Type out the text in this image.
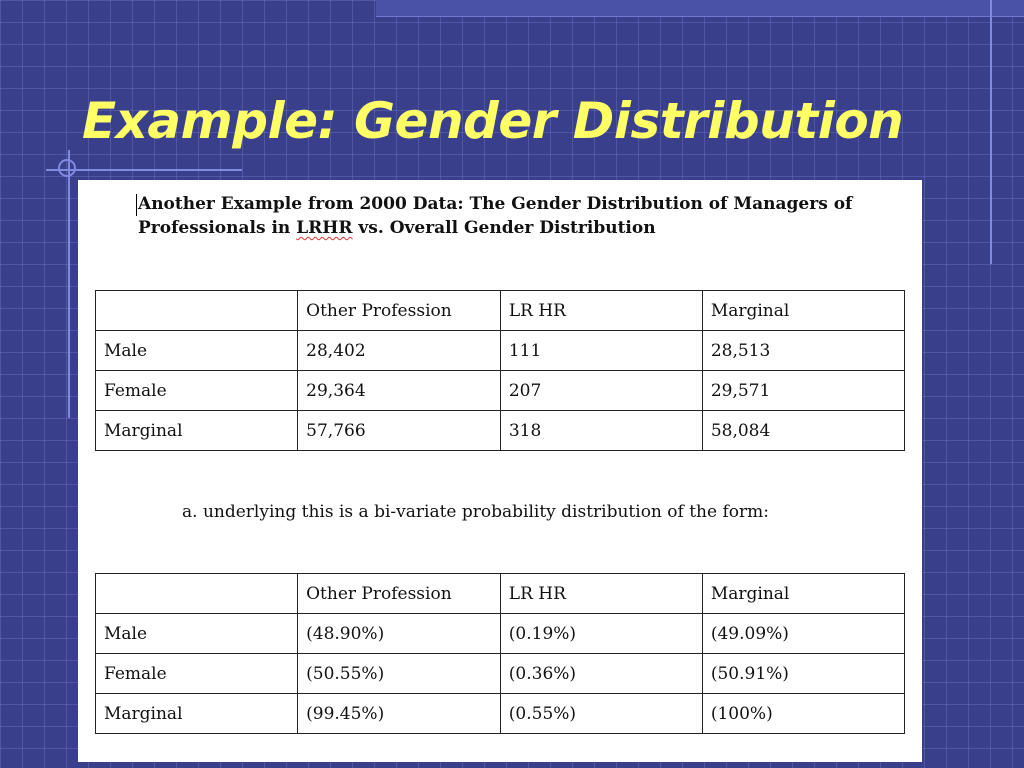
Example: Gender Distribution
Another Example from 2000 Data: The Gender Distribution of Managers of
Professionals in LRHR vs. Overall Gender Distribution
	Other Profession	LR HR	Marginal
Male	28,402	111	28,513
Female	29,364	207	29,571
Marginal	57,766	318	58,084
a. underlying this is a bi-variate probability distribution of the form:
	Other Profession	LR HR	Marginal
Male	(48.90%)	(0.19%)	(49.09%)
Female	(50.55%)	(0.36%)	(50.91%)
Marginal	(99.45%)	(0.55%)	(100%)
